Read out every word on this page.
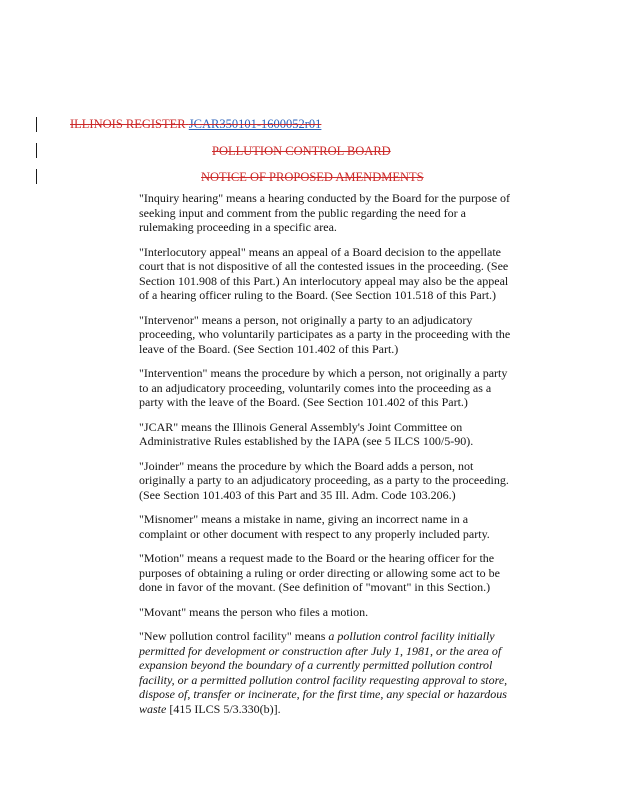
ILLINOIS REGISTER JCAR350101-1600052r01
POLLUTION CONTROL BOARD
NOTICE OF PROPOSED AMENDMENTS

"Inquiry hearing" means a hearing conducted by the Board for the purpose of seeking input and comment from the public regarding the need for a rulemaking proceeding in a specific area.

"Interlocutory appeal" means an appeal of a Board decision to the appellate court that is not dispositive of all the contested issues in the proceeding. (See Section 101.908 of this Part.) An interlocutory appeal may also be the appeal of a hearing officer ruling to the Board. (See Section 101.518 of this Part.)

"Intervenor" means a person, not originally a party to an adjudicatory proceeding, who voluntarily participates as a party in the proceeding with the leave of the Board. (See Section 101.402 of this Part.)

"Intervention" means the procedure by which a person, not originally a party to an adjudicatory proceeding, voluntarily comes into the proceeding as a party with the leave of the Board. (See Section 101.402 of this Part.)

"JCAR" means the Illinois General Assembly's Joint Committee on Administrative Rules established by the IAPA (see 5 ILCS 100/5-90).

"Joinder" means the procedure by which the Board adds a person, not originally a party to an adjudicatory proceeding, as a party to the proceeding. (See Section 101.403 of this Part and 35 Ill. Adm. Code 103.206.)

"Misnomer" means a mistake in name, giving an incorrect name in a complaint or other document with respect to any properly included party.

"Motion" means a request made to the Board or the hearing officer for the purposes of obtaining a ruling or order directing or allowing some act to be done in favor of the movant. (See definition of "movant" in this Section.)

"Movant" means the person who files a motion.

"New pollution control facility" means a pollution control facility initially permitted for development or construction after July 1, 1981, or the area of expansion beyond the boundary of a currently permitted pollution control facility, or a permitted pollution control facility requesting approval to store, dispose of, transfer or incinerate, for the first time, any special or hazardous waste [415 ILCS 5/3.330(b)].
